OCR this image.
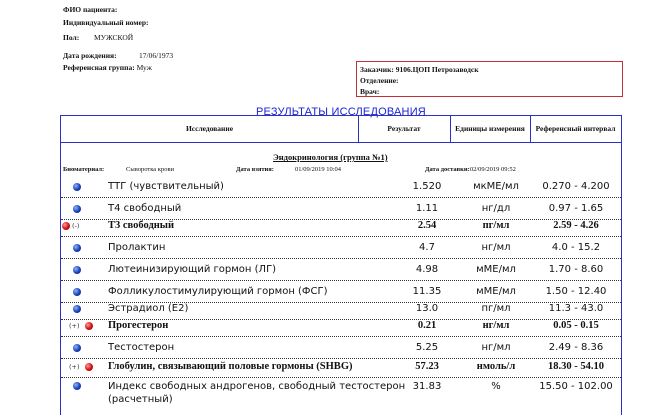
ФИО пациента:
Индивидуальный номер:
Пол: МУЖСКОЙ
Дата рождения:	17/06/1973
Референсная группа: Муж	Заказчик: 9106.ЦОП Петрозаводск
Отделение:
Врач:
РЕЗУЛЬТАТЫ ИССЛЕДОВАНИЯ
Исследование	Результат	Единицы измерения	Референсный интервал
Эндокринология (группа №1)
Биоматериал:	Сыворотка крови	Дата взятия:	01/09/2019 10:04	Дата доставки:02/09/2019 09:52
ТТГ (чувствительный)	1.520	мкМЕ/мл	0.270 - 4.200
Т4 свободный	1.11	нг/дл	0.97 - 1.65
(-)	Т3 свободный	2.54	пг/мл	2.59 - 4.26
Пролактин	4.7	нг/мл	4.0 - 15.2
Лютеинизирующий гормон (ЛГ)	4.98	мМЕ/мл	1.70 - 8.60
Фолликулостимулирующий гормон (ФСГ)	11.35	мМЕ/мл	1.50 - 12.40
Эстрадиол (Е2)	13.0	пг/мл	11.3 - 43.0
(+)	Прогестерон	0.21	нг/мл	0.05 - 0.15
Тестостерон	5.25	нг/мл	2.49 - 8.36
(+)	Глобулин, связывающий половые гормоны (SHBG)	57.23	нмоль/л	18.30 - 54.10
Индекс свободных андрогенов, свободный тестостерон
(расчетный)
31.83	%	15.50 - 102.00
